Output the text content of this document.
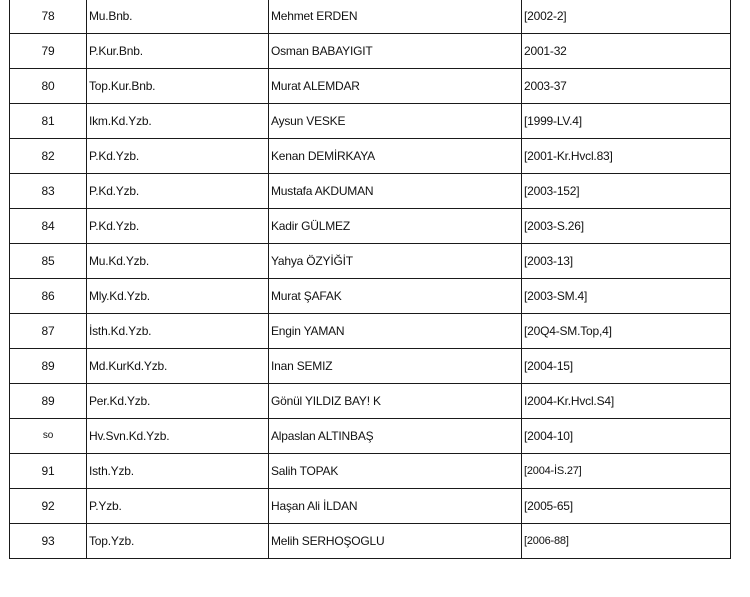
78	Mu.Bnb.	Mehmet ERDEN	[2002-2]
79	P.Kur.Bnb.	Osman BABAYIGIT	2001-32
80	Top.Kur.Bnb.	Murat ALEMDAR	2003-37
81	Ikm.Kd.Yzb.	Aysun VESKE	[1999-LV.4]
82	P.Kd.Yzb.	Kenan DEMİRKAYA	[2001-Kr.Hvcl.83]
83	P.Kd.Yzb.	Mustafa AKDUMAN	[2003-152]
84	P.Kd.Yzb.	Kadir GÜLMEZ	[2003-S.26]
85	Mu.Kd.Yzb.	Yahya ÖZYİĞİT	[2003-13]
86	Mly.Kd.Yzb.	Murat ŞAFAK	[2003-SM.4]
87	İsth.Kd.Yzb.	Engin YAMAN	[20Q4-SM.Top,4]
89	Md.KurKd.Yzb.	Inan SEMIZ	[2004-15]
89	Per.Kd.Yzb.	Gönül YILDIZ BAY! K	I2004-Kr.Hvcl.S4]
so	Hv.Svn.Kd.Yzb.	Alpaslan ALTINBAŞ	[2004-10]
91	Isth.Yzb.	Salih TOPAK	[2004-İS.27]
92	P.Yzb.	Haşan Ali İLDAN	[2005-65]
93	Top.Yzb.	Melih SERHOŞOGLU	[2006-88]
